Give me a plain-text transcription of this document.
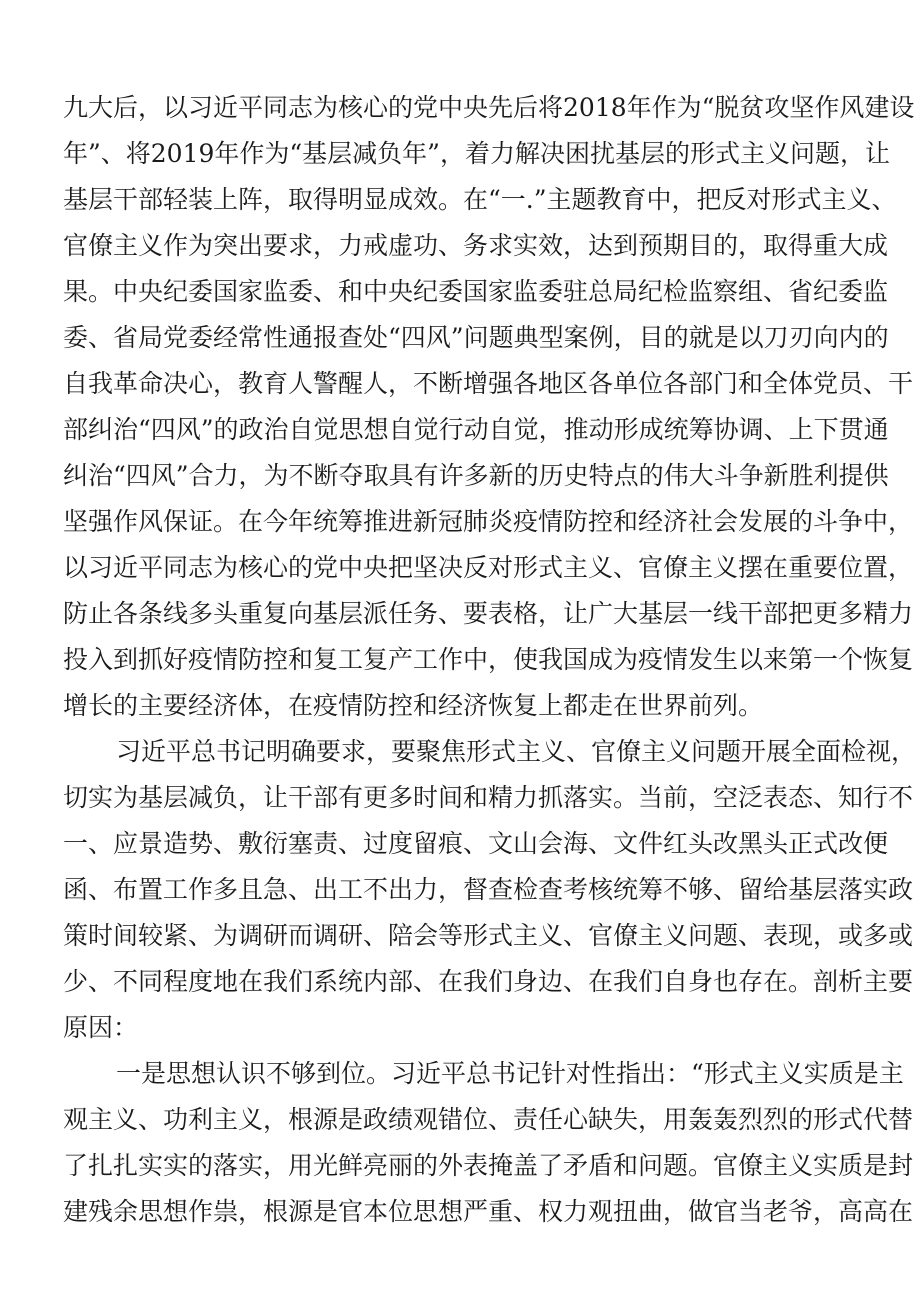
九大后，以习近平同志为核心的党中央先后将2018年作为“脱贫攻坚作风建设
年”、将2019年作为“基层减负年”，着力解决困扰基层的形式主义问题，让
基层干部轻装上阵，取得明显成效。在“一.”主题教育中，把反对形式主义、
官僚主义作为突出要求，力戒虚功、务求实效，达到预期目的，取得重大成
果。中央纪委国家监委、和中央纪委国家监委驻总局纪检监察组、省纪委监
委、省局党委经常性通报查处“四风”问题典型案例，目的就是以刀刃向内的
自我革命决心，教育人警醒人，不断增强各地区各单位各部门和全体党员、干
部纠治“四风”的政治自觉思想自觉行动自觉，推动形成统筹协调、上下贯通
纠治“四风”合力，为不断夺取具有许多新的历史特点的伟大斗争新胜利提供
坚强作风保证。在今年统筹推进新冠肺炎疫情防控和经济社会发展的斗争中，
以习近平同志为核心的党中央把坚决反对形式主义、官僚主义摆在重要位置，
防止各条线多头重复向基层派任务、要表格，让广大基层一线干部把更多精力
投入到抓好疫情防控和复工复产工作中，使我国成为疫情发生以来第一个恢复
增长的主要经济体，在疫情防控和经济恢复上都走在世界前列。
习近平总书记明确要求，要聚焦形式主义、官僚主义问题开展全面检视，
切实为基层减负，让干部有更多时间和精力抓落实。当前，空泛表态、知行不
一、应景造势、敷衍塞责、过度留痕、文山会海、文件红头改黑头正式改便
函、布置工作多且急、出工不出力，督查检查考核统筹不够、留给基层落实政
策时间较紧、为调研而调研、陪会等形式主义、官僚主义问题、表现，或多或
少、不同程度地在我们系统内部、在我们身边、在我们自身也存在。剖析主要
原因：
一是思想认识不够到位。习近平总书记针对性指出：“形式主义实质是主
观主义、功利主义，根源是政绩观错位、责任心缺失，用轰轰烈烈的形式代替
了扎扎实实的落实，用光鲜亮丽的外表掩盖了矛盾和问题。官僚主义实质是封
建残余思想作祟，根源是官本位思想严重、权力观扭曲，做官当老爷，高高在
